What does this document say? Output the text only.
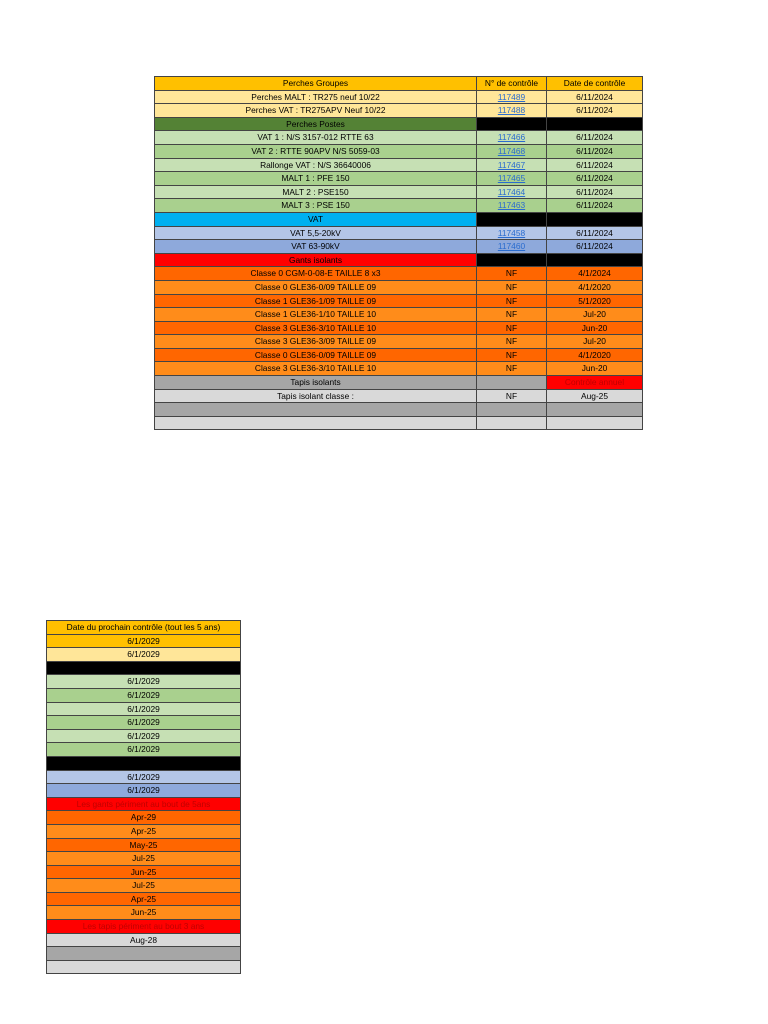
Perches Groupes	N° de contrôle	Date de contrôle
Perches MALT : TR275 neuf 10/22	117489	6/11/2024
Perches VAT : TR275APV Neuf 10/22	117488	6/11/2024
Perches Postes		
VAT 1 : N/S 3157-012 RTTE 63	117466	6/11/2024
VAT 2 : RTTE 90APV N/S 5059-03	117468	6/11/2024
Rallonge VAT : N/S 36640006	117467	6/11/2024
MALT 1 : PFE 150	117465	6/11/2024
MALT 2 : PSE150	117464	6/11/2024
MALT 3 : PSE 150	117463	6/11/2024
VAT		
VAT 5,5-20kV	117458	6/11/2024
VAT 63-90kV	117460	6/11/2024
Gants isolants		
Classe 0 CGM-0-08-E TAILLE 8 x3	NF	4/1/2024
Classe 0 GLE36-0/09 TAILLE 09	NF	4/1/2020
Classe 1 GLE36-1/09 TAILLE 09	NF	5/1/2020
Classe 1 GLE36-1/10 TAILLE 10	NF	Jul-20
Classe 3 GLE36-3/10 TAILLE 10	NF	Jun-20
Classe 3 GLE36-3/09 TAILLE 09	NF	Jul-20
Classe 0 GLE36-0/09 TAILLE 09	NF	4/1/2020
Classe 3 GLE36-3/10 TAILLE 10	NF	Jun-20
Tapis isolants		Contrôle annuel
Tapis isolant classe :	NF	Aug-25

Date du prochain contrôle (tout les 5 ans)
6/1/2029
6/1/2029

6/1/2029
6/1/2029
6/1/2029
6/1/2029
6/1/2029
6/1/2029

6/1/2029
6/1/2029
Les gants périment au bout de 5ans
Apr-29
Apr-25
May-25
Jul-25
Jun-25
Jul-25
Apr-25
Jun-25
Les tapis périment au bout 3 ans
Aug-28
